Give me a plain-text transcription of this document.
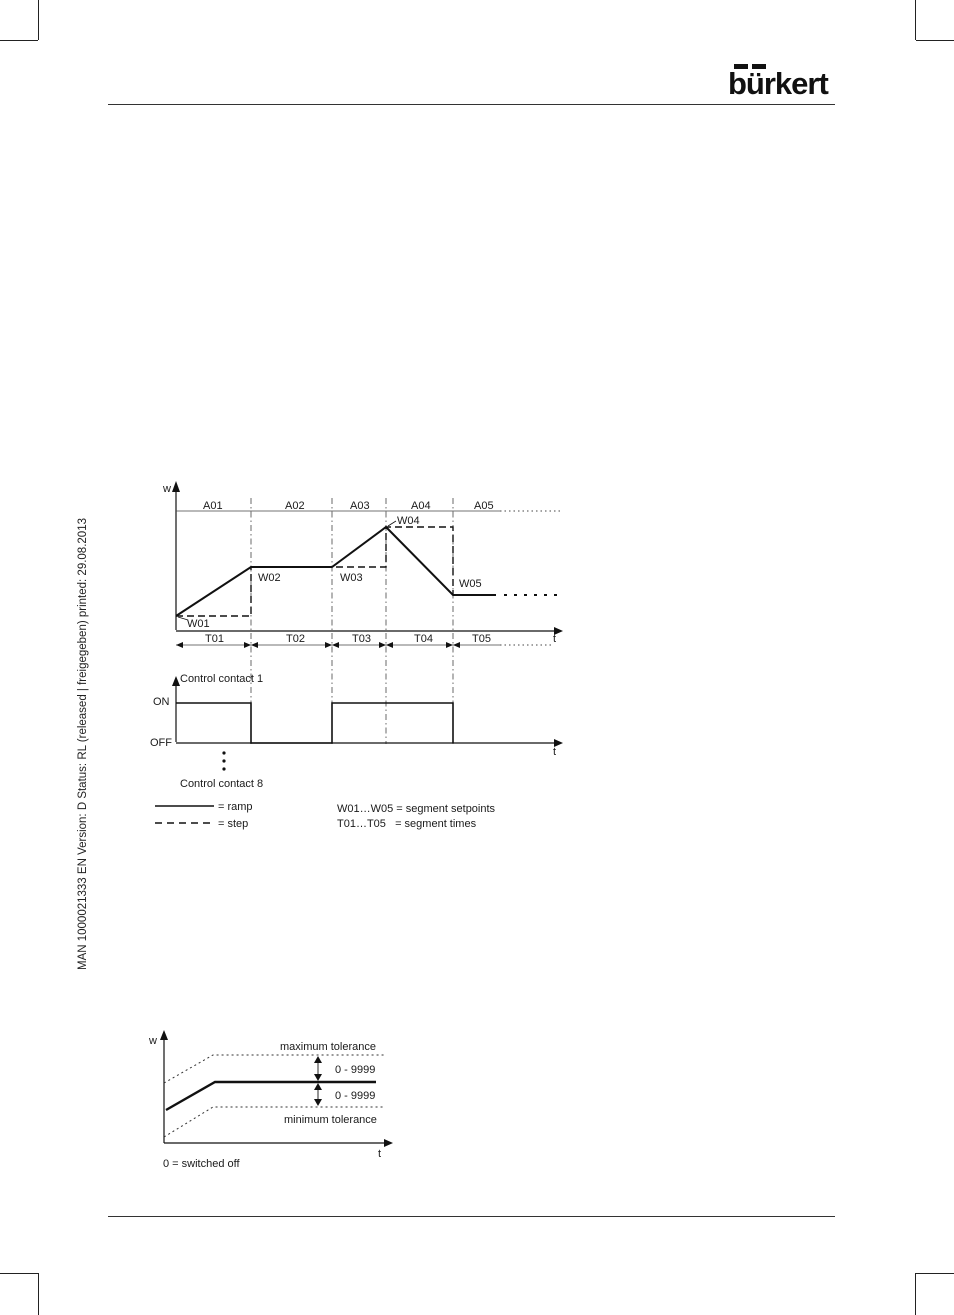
bürkert
MAN 1000021333 EN Version: D Status: RL (released | freigegeben) printed: 29.08.2013
w
A01	A02	A03	A04	A05
W01
W02	W03
W04
W05
t
T01	T02	T03	T04	T05
Control contact 1
ON
OFF
t
Control contact 8
= ramp
= step
W01…W05 = segment setpoints
T01…T05   = segment times
w
t
maximum tolerance
minimum tolerance
0 - 9999
0 - 9999
0 = switched off
